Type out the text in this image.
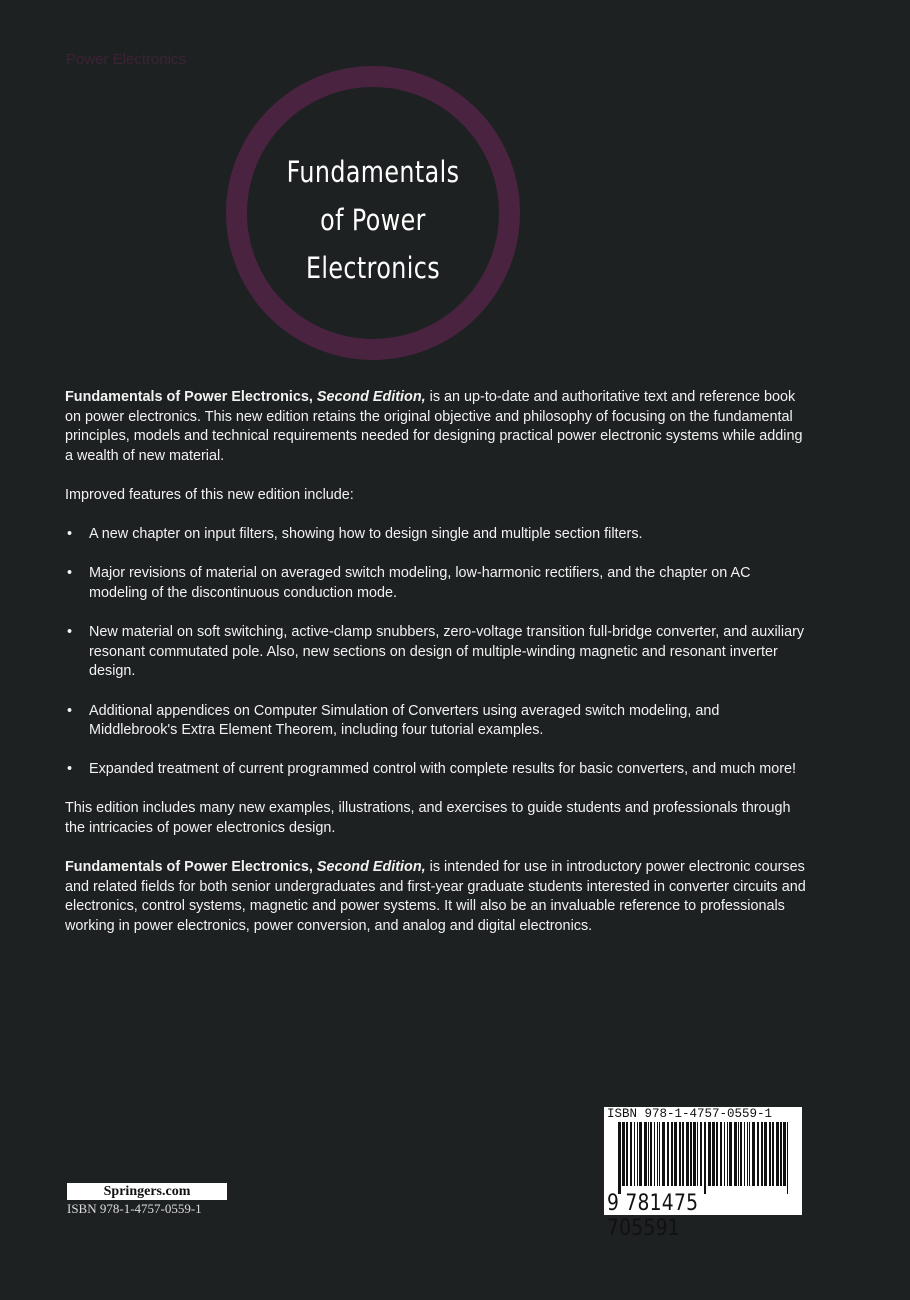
Power Electronics
Fundamentals
of Power
Electronics

Fundamentals of Power Electronics, Second Edition, is an up-to-date and authoritative text and reference book on power electronics. This new edition retains the original objective and philosophy of focusing on the fundamental principles, models and technical requirements needed for designing practical power electronic systems while adding a wealth of new material.

Improved features of this new edition include:

• A new chapter on input filters, showing how to design single and multiple section filters.
• Major revisions of material on averaged switch modeling, low-harmonic rectifiers, and the chapter on AC modeling of the discontinuous conduction mode.
• New material on soft switching, active-clamp snubbers, zero-voltage transition full-bridge converter, and auxiliary
resonant commutated pole. Also, new sections on design of multiple-winding magnetic and resonant inverter design.
• Additional appendices on Computer Simulation of Converters using averaged switch modeling, and Middlebrook's Extra Element Theorem, including four tutorial examples.
• Expanded treatment of current programmed control with complete results for basic converters, and much more!

This edition includes many new examples, illustrations, and exercises to guide students and professionals through the intricacies of power electronics design.

Fundamentals of Power Electronics, Second Edition, is intended for use in introductory power electronic courses and related fields for both senior undergraduates and first-year graduate students interested in converter circuits and electronics, control systems, magnetic and power systems. It will also be an invaluable reference to professionals working in power electronics, power conversion, and analog and digital electronics.

Springers.com
ISBN 978-1-4757-0559-1
ISBN 978-1-4757-0559-1
9 781475 705591
